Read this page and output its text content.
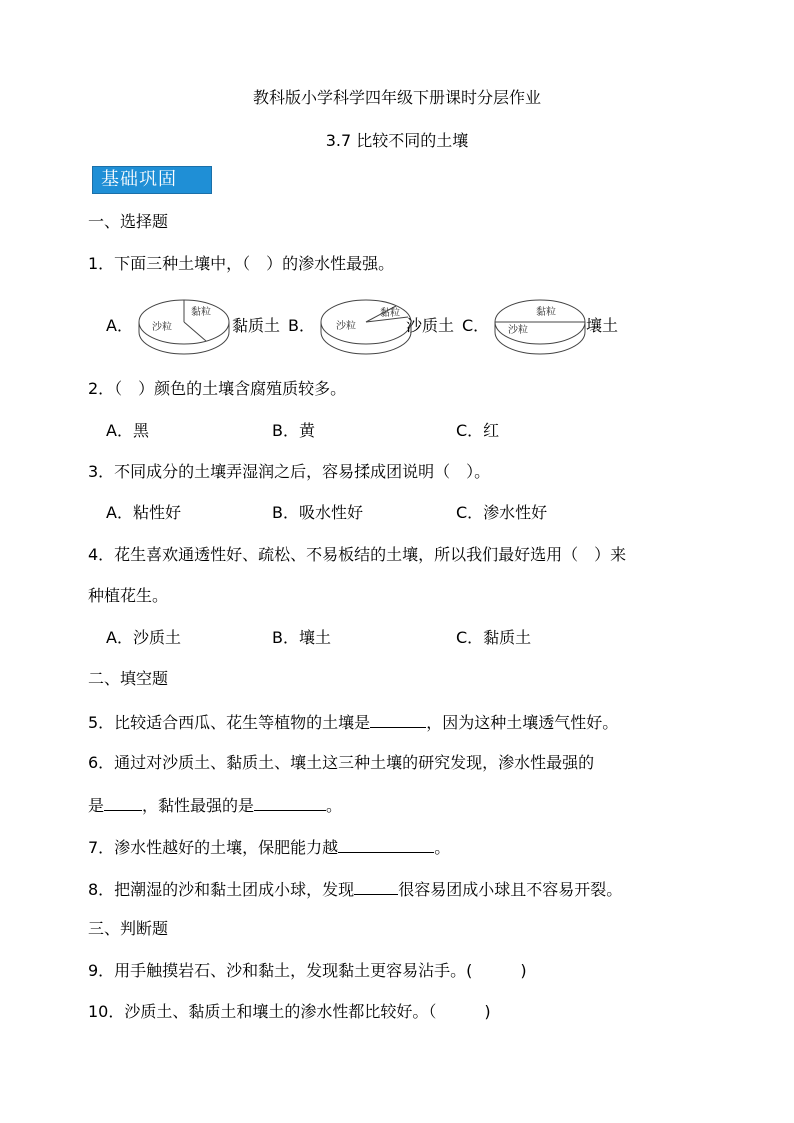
教科版小学科学四年级下册课时分层作业
3.7 比较不同的土壤
基础巩固
一、选择题
1．下面三种土壤中，（　）的渗水性最强。
A．
黏粒
沙粒	黏质土 B． 沙粒
黏粒
沙质土 C．
黏粒
沙粒	壤土
2．（　）颜色的土壤含腐殖质较多。
A．黑	B．黄	C．红
3．不同成分的土壤弄湿润之后，容易揉成团说明（　）。
A．粘性好	B．吸水性好	C．渗水性好
4．花生喜欢通透性好、疏松、不易板结的土壤，所以我们最好选用（　）来
种植花生。
A．沙质土	B．壤土	C．黏质土
二、填空题
5．比较适合西瓜、花生等植物的土壤是	，因为这种土壤透气性好。
6．通过对沙质土、黏质土、壤土这三种土壤的研究发现，渗水性最强的
是 ，黏性最强的是	。
7．渗水性越好的土壤，保肥能力越	。
8．把潮湿的沙和黏土团成小球，发现	很容易团成小球且不容易开裂。
三、判断题
9．用手触摸岩石、沙和黏土，发现黏土更容易沾手。(　　　)
10．沙质土、黏质土和壤土的渗水性都比较好。（　　　)
